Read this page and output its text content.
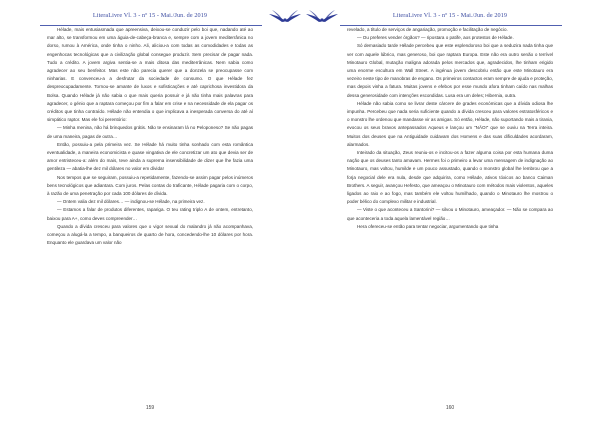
LiteraLivre Vl. 3 - nº 15 - Mai./Jun. de 2019

Hélade, mais entusiasmada que apreensiva, deixou-se conduzir pelo boi que, nadando até ao mar alto, se transformou em uma águia-de-cabeça-branca e, sempre com a jovem mediterrânica no dorso, rumou à América, onde tinha o ninho. Ali, aliciou-a com todas as comodidades e todas as engenhocas tecnológicas que a civilização global consegue produzir. Sem precisar de pagar nada. Tudo a crédito. A jovem argiva sentia-se a mais ditosa das mediterrânicas. Nem sabia como agradecer ao seu benfeitor. Mas este não parecia querer que a donzela se preocupasse com ninharias. E convenceu-a a desfrutar da sociedade de consumo. O que Hélade fez despreocupadamente. Tornou-se amante de luxos e sofisticações e até caprichosa investidora da Bolsa. Quando Hélade já não sabia o que mais queria possuir e já não tinha mais palavras para agradecer, o génio que a raptara começou por fim a falar em crise e na necessidade de ela pagar os créditos que tinha contraído. Hélade não entendia o que implicava a inesperada conversa do até aí simpático raptor. Mas ele foi perentório:

— Minha menina, não há brinquedos grátis. Não te ensinaram lá no Peloponeso? Se não pagas de uma maneira, pagas de outra…

Então, possuiu-a pela primeira vez. Se Hélade há muito tinha sonhado com esta romântica eventualidade, a maneira economicista e quase vingativa de ele concretizar um ato que devia ser de amor entristeceu-a: além do mais, teve ainda a suprema insensibilidade de dizer que lhe fazia uma gentileza — abatia-lhe dez mil dólares no valor em dívida!

Nos tempos que se seguiram, possuiu-a repetidamente, fazendo-se assim pagar pelos inúmeros bens tecnológicos que adiantara. Com juros. Pelas contas do traficante, Hélade pagaria com o corpo, à razão de uma penetração por cada 100 dólares de dívida.

— Ontem valia dez mil dólares… — indignou-se Hélade, na primeira vez.

— Estamos a falar de produtos diferentes, rapariga. O teu rating triplo A de ontem, entretanto, baixou para A+, como deves compreender…

Quando a dívida cresceu para valores que o vigor sexual do malandro já não acompanhava, começou a alugá-la a tempo, a banqueiros de quarto de hora, concedendo-lhe 10 dólares por hora. Enquanto ele guardava um valor não

159
LiteraLivre Vl. 3 - nº 15 - Mai./Jun. de 2019

revelado, a título de serviços de angariação, promoção e facilitação de negócio.

— Ou preferes vender órgãos? — ripostara o patife, aos protestos de Hélade.

Só demasiado tarde Hélade percebeu que este esplendoroso boi que a seduzira nada tinha que ver com aquele lúbrico, mas generoso, boi que raptara Europa. Este não era outro senão o terrível Minotauro Global, mutação maligna adorada pelos mercados que, agradecidos, lhe tinham erigido uma enorme escultura em Wall Street. A ingénua jovem descobriu então que este Minotauro era vezeiro neste tipo de manobras de engano. Os primeiros contactos eram sempre de ajuda e proteção, mas depois vinha a fatura. Muitas jovens e efebos por esse mundo afora tinham caído nas malhas dessa generosidade com intenções escondidas. Lusa era um deles; Hibernia, outra.

Hélade não sabia como se livrar deste cárcere de grades económicas que a dívida odiosa lhe impunha. Percebeu que nada seria suficiente quando a dívida cresceu para valores estratosféricos e o monstro lhe ordenou que mandasse vir as amigas. Só então, Hélade, não suportando mais a tirania, evocou os seus bravos antepassados Aqueus e lançou um “NÃO!” que se ouviu na Terra inteira. Muitos dos deuses que na Antiguidade cuidavam dos Homens e das suas dificuldades acordaram, alarmados.

Inteirado da situação, Zeus reuniu-os e incitou-os a fazer alguma coisa por esta humana duma nação que os deuses tanto amavam. Hermes foi o primeiro a levar uma mensagem de indignação ao Minotauro, mas voltou, humilde e um pouco assustado, quando o monstro global lhe lembrou que a forja negocial dele era nula, desde que adquirira, como Hélade, ativos tóxicos ao banco Caiman Brothers. A seguir, avançou Hefesto, que ameaçou o Minotauro com métodos mais violentos, aqueles ligados ao raio e ao fogo, mas também ele voltou humilhado, quando o Minotauro lhe mostrou o poder bélico do complexo militar e industrial.

— Viste o que aconteceu a Santorini? — silvou o Minotauro, ameaçador. — Não se compara ao que aconteceria a toda aquela lamentável região…

Hera ofereceu-se então para tentar negociar, argumentando que tinha

160
